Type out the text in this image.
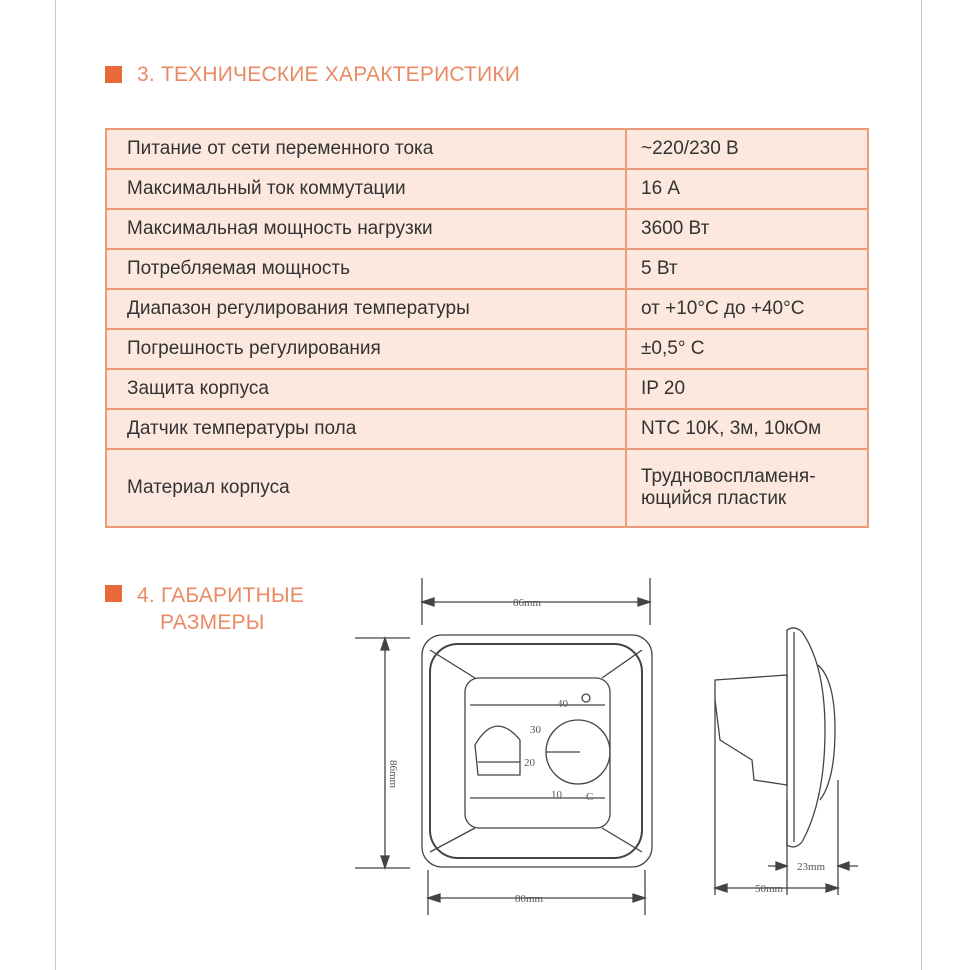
3. ТЕХНИЧЕСКИЕ ХАРАКТЕРИСТИКИ
Питание от сети переменного тока	~220/230 В
Максимальный ток коммутации	16 А
Максимальная мощность нагрузки	3600 Вт
Потребляемая мощность	5 Вт
Диапазон регулирования температуры	от +10°С до +40°С
Погрешность регулирования	±0,5° С
Защита корпуса	IP 20
Датчик температуры пола	NTC 10K, 3м, 10кОм
Материал корпуса	Трудновоспламеня-
ющийся пластик
4. ГАБАРИТНЫЕ
РАЗМЕРЫ
40
30
20
10 C
86mm
86mm
80mm
23mm
50mm
